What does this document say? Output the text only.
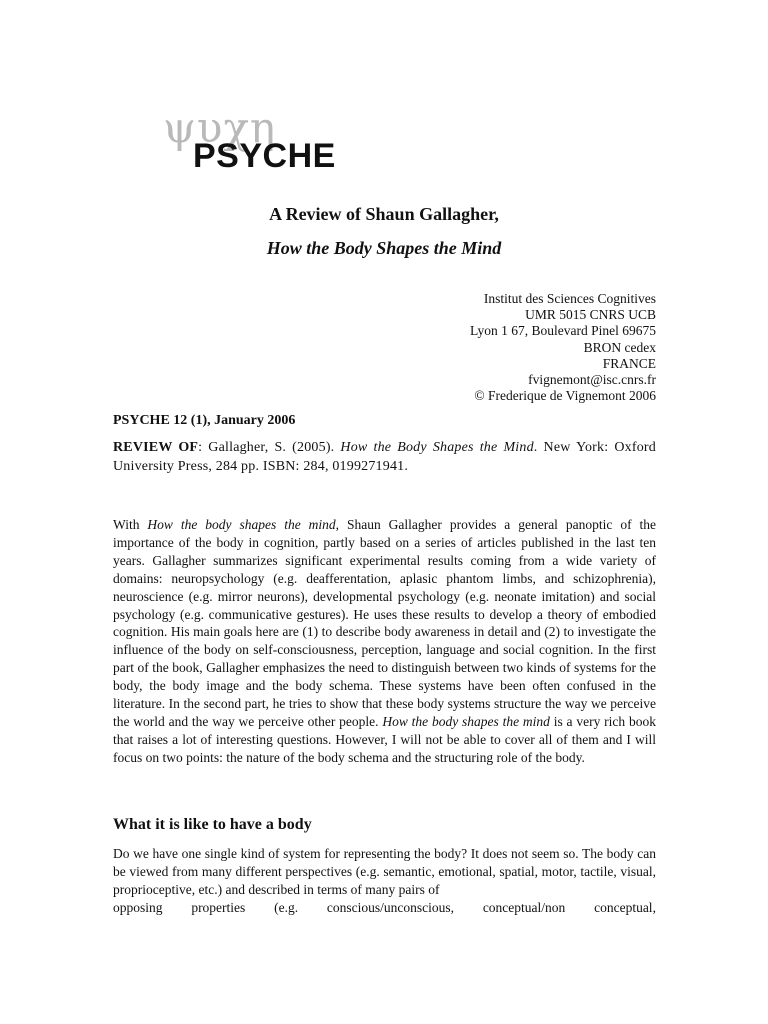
ψυχη
PSYCHE
A Review of Shaun Gallagher,
How the Body Shapes the Mind
Institut des Sciences Cognitives
UMR 5015 CNRS UCB
Lyon 1 67, Boulevard Pinel 69675
BRON cedex
FRANCE
fvignemont@isc.cnrs.fr
© Frederique de Vignemont 2006
PSYCHE 12 (1), January 2006
REVIEW OF: Gallagher, S. (2005). How the Body Shapes the Mind. New York: Oxford University Press, 284 pp. ISBN: 284, 0199271941.

With How the body shapes the mind, Shaun Gallagher provides a general panoptic of the importance of the body in cognition, partly based on a series of articles published in the last ten years. Gallagher summarizes significant experimental results coming from a wide variety of domains: neuropsychology (e.g. deafferentation, aplasic phantom limbs, and schizophrenia), neuroscience (e.g. mirror neurons), developmental psychology (e.g. neonate imitation) and social psychology (e.g. communicative gestures). He uses these results to develop a theory of embodied cognition. His main goals here are (1) to describe body awareness in detail and (2) to investigate the influence of the body on self-consciousness, perception, language and social cognition. In the first part of the book, Gallagher emphasizes the need to distinguish between two kinds of systems for the body, the body image and the body schema. These systems have been often confused in the literature. In the second part, he tries to show that these body systems structure the way we perceive the world and the way we perceive other people. How the body shapes the mind is a very rich book that raises a lot of interesting questions. However, I will not be able to cover all of them and I will focus on two points: the nature of the body schema and the structuring role of the body.

What it is like to have a body
Do we have one single kind of system for representing the body? It does not seem so. The body can be viewed from many different perspectives (e.g. semantic, emotional, spatial, motor, tactile, visual, proprioceptive, etc.) and described in terms of many pairs of
opposing properties (e.g. conscious/unconscious, conceptual/non conceptual,
